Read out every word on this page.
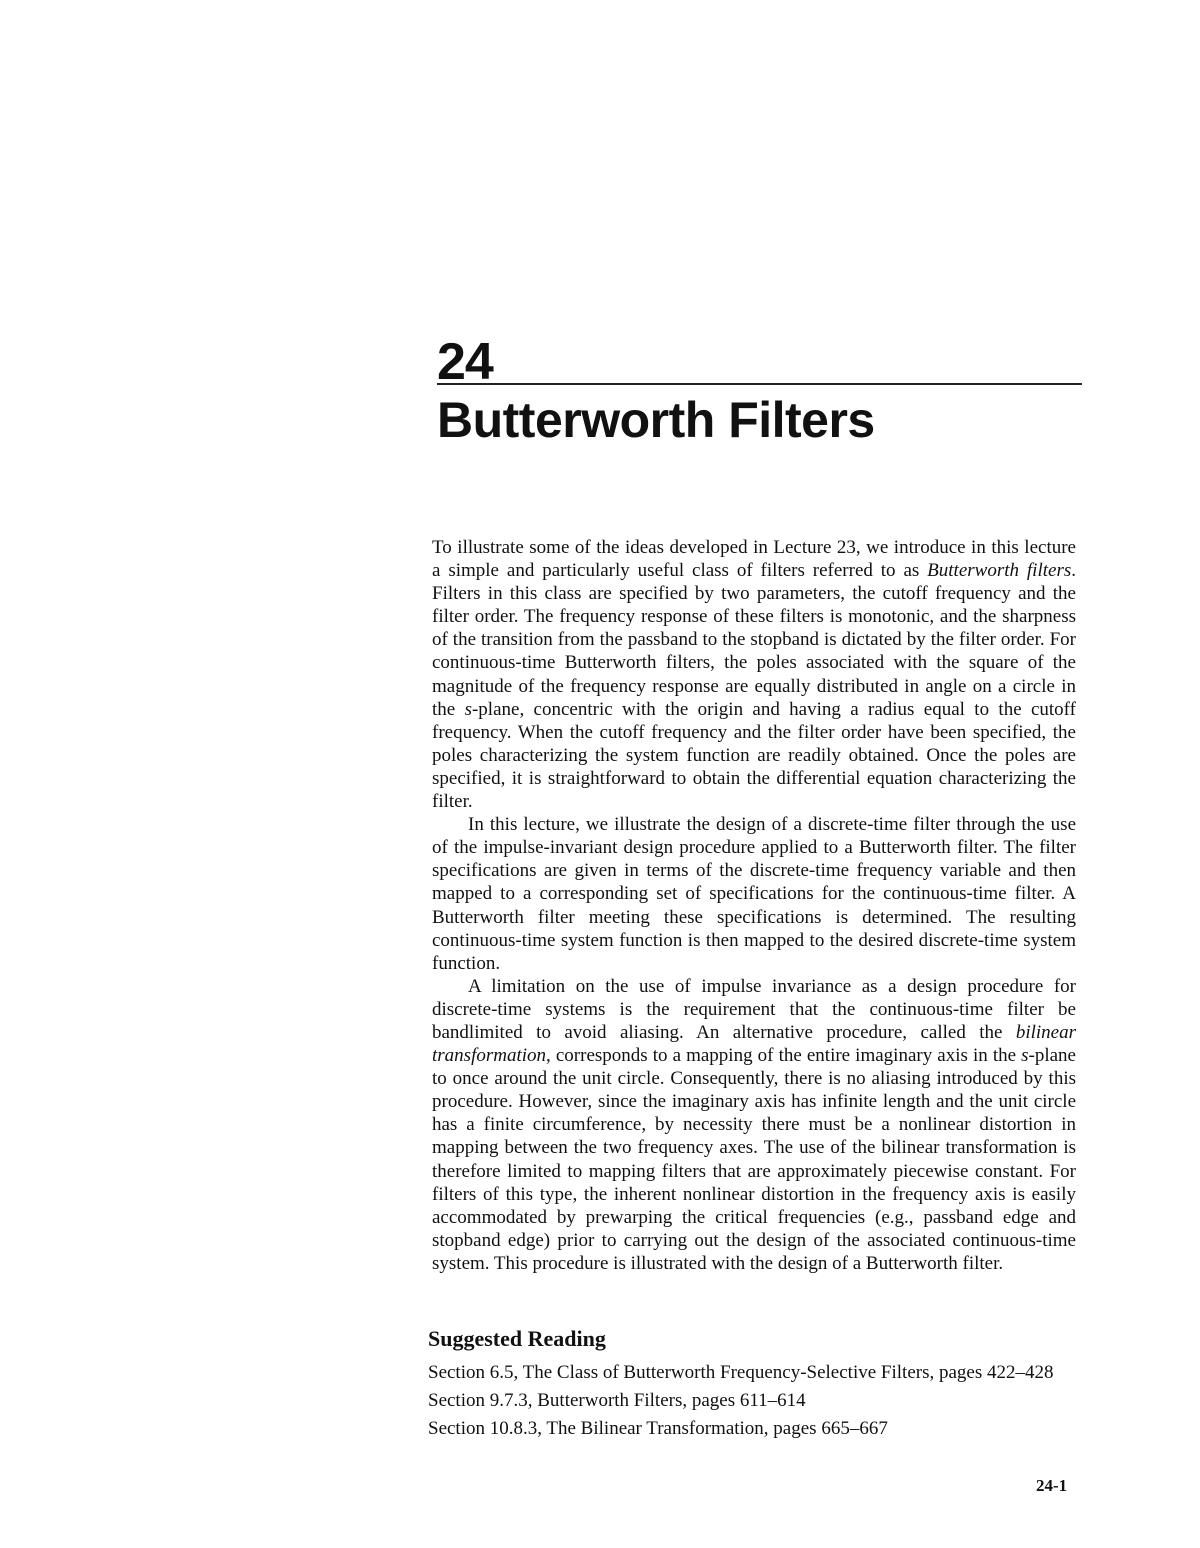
24
Butterworth Filters

To illustrate some of the ideas developed in Lecture 23, we introduce in this lecture a simple and particularly useful class of filters referred to as Butterworth filters. Filters in this class are specified by two parameters, the cutoff frequency and the filter order. The frequency response of these filters is monotonic, and the sharpness of the transition from the passband to the stopband is dictated by the filter order. For continuous-time Butterworth filters, the poles associated with the square of the magnitude of the frequency response are equally distributed in angle on a circle in the s-plane, concentric with the origin and having a radius equal to the cutoff frequency. When the cutoff frequency and the filter order have been specified, the poles characterizing the system function are readily obtained. Once the poles are specified, it is straightforward to obtain the differential equation characterizing the filter.

In this lecture, we illustrate the design of a discrete-time filter through the use of the impulse-invariant design procedure applied to a Butterworth filter. The filter specifications are given in terms of the discrete-time frequency variable and then mapped to a corresponding set of specifications for the continuous-time filter. A Butterworth filter meeting these specifications is determined. The resulting continuous-time system function is then mapped to the desired discrete-time system function.

A limitation on the use of impulse invariance as a design procedure for discrete-time systems is the requirement that the continuous-time filter be bandlimited to avoid aliasing. An alternative procedure, called the bilinear transformation, corresponds to a mapping of the entire imaginary axis in the s-plane to once around the unit circle. Consequently, there is no aliasing introduced by this procedure. However, since the imaginary axis has infinite length and the unit circle has a finite circumference, by necessity there must be a nonlinear distortion in mapping between the two frequency axes. The use of the bilinear transformation is therefore limited to mapping filters that are approximately piecewise constant. For filters of this type, the inherent nonlinear distortion in the frequency axis is easily accommodated by prewarping the critical frequencies (e.g., passband edge and stopband edge) prior to carrying out the design of the associated continuous-time system. This procedure is illustrated with the design of a Butterworth filter.

Suggested Reading
Section 6.5, The Class of Butterworth Frequency-Selective Filters, pages 422–428
Section 9.7.3, Butterworth Filters, pages 611–614
Section 10.8.3, The Bilinear Transformation, pages 665–667
24-1
